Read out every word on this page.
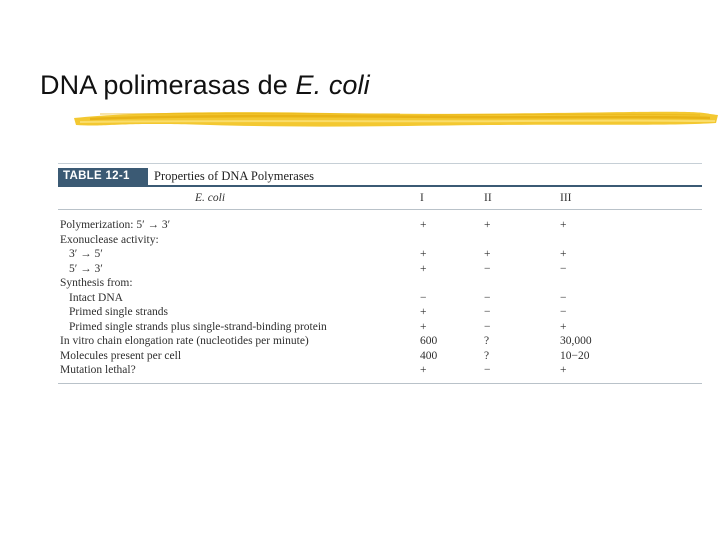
DNA polimerasas de E. coli
TABLE 12-1	Properties of DNA Polymerases
E. coli	I	II	III
Polymerization: 5′ → 3′	+	+	+
Exonuclease activity:
3′ → 5′	+	+	+
5′ → 3′	+	−	−
Synthesis from:
Intact DNA	−	−	−
Primed single strands	+	−	−
Primed single strands plus single-strand-binding protein	+	−	+
In vitro chain elongation rate (nucleotides per minute)	600	?	30,000
Molecules present per cell	400	?	10−20
Mutation lethal?	+	−	+
